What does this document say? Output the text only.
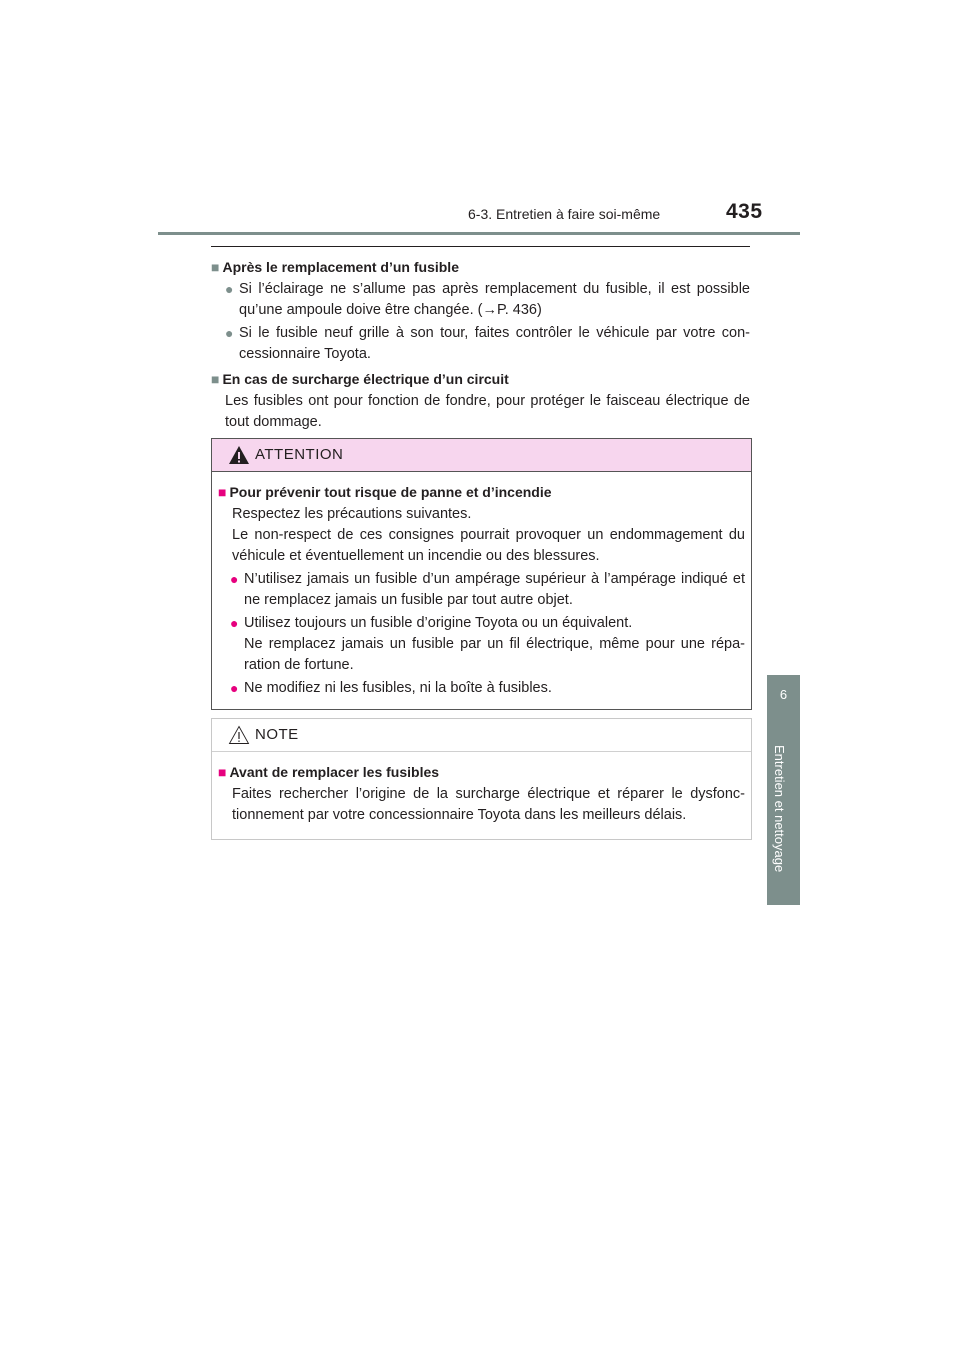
6-3. Entretien à faire soi-même	435
6
Entretien et nettoyage
■ Après le remplacement d’un fusible
● Si l’éclairage ne s’allume pas après remplacement du fusible, il est possible qu’une ampoule doive être changée. (→P. 436)
● Si le fusible neuf grille à son tour, faites contrôler le véhicule par votre con-cessionnaire Toyota.
■ En cas de surcharge électrique d’un circuit
Les fusibles ont pour fonction de fondre, pour protéger le faisceau électrique de tout dommage.
ATTENTION
■ Pour prévenir tout risque de panne et d’incendie
Respectez les précautions suivantes.
Le non-respect de ces consignes pourrait provoquer un endommagement du véhicule et éventuellement un incendie ou des blessures.
● N’utilisez jamais un fusible d’un ampérage supérieur à l’ampérage indiqué et ne remplacez jamais un fusible par tout autre objet.
● Utilisez toujours un fusible d’origine Toyota ou un équivalent.
Ne remplacez jamais un fusible par un fil électrique, même pour une répa-ration de fortune.
● Ne modifiez ni les fusibles, ni la boîte à fusibles.
NOTE
■ Avant de remplacer les fusibles
Faites rechercher l’origine de la surcharge électrique et réparer le dysfonc-tionnement par votre concessionnaire Toyota dans les meilleurs délais.
